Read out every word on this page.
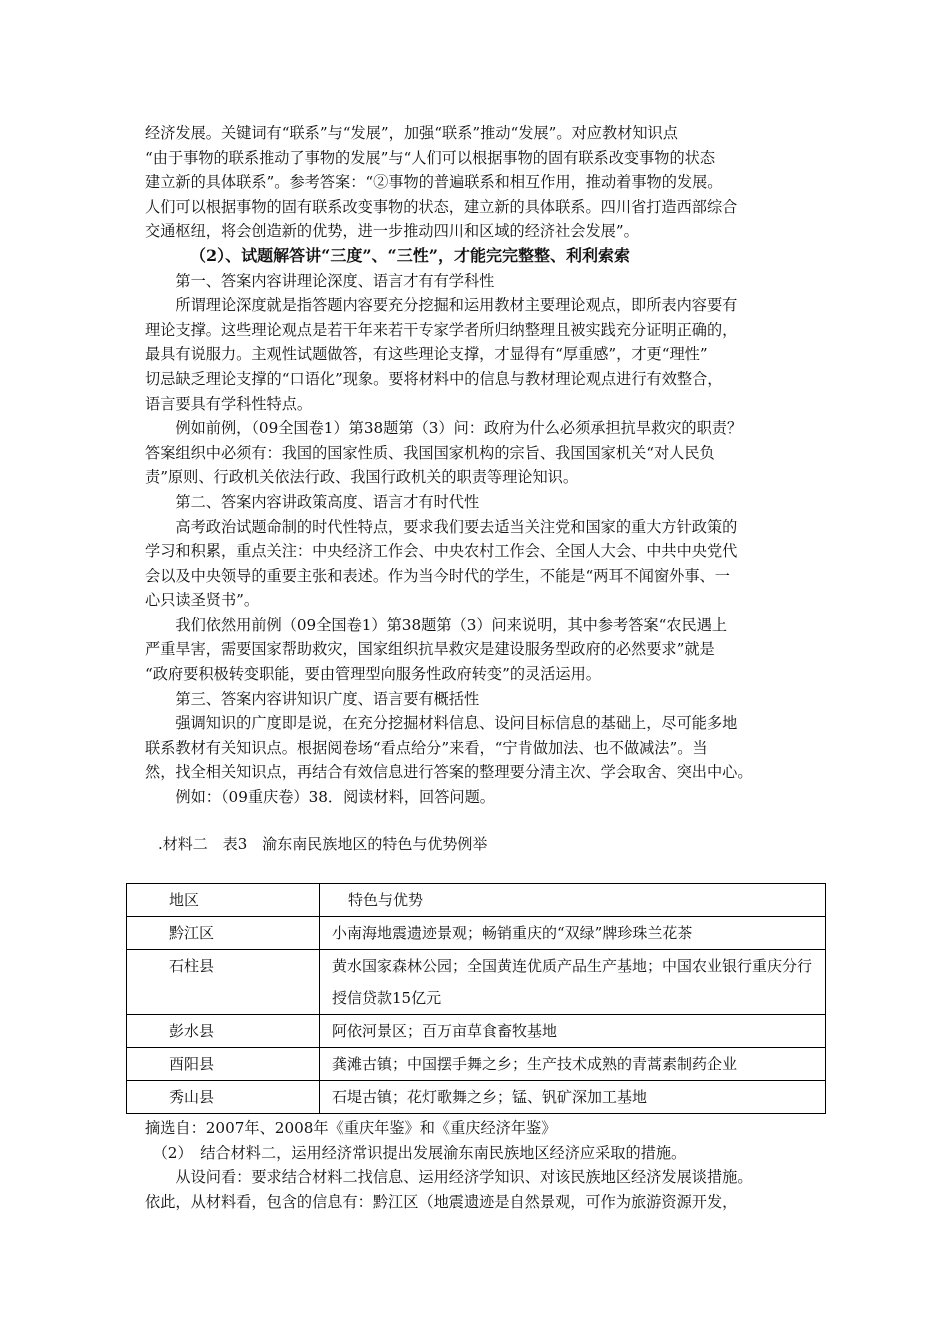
经济发展。关键词有“联系”与“发展”，加强“联系”推动“发展”。对应教材知识点

“由于事物的联系推动了事物的发展”与“人们可以根据事物的固有联系改变事物的状态

建立新的具体联系”。参考答案：“②事物的普遍联系和相互作用，推动着事物的发展。

人们可以根据事物的固有联系改变事物的状态，建立新的具体联系。四川省打造西部综合

交通枢纽，将会创造新的优势，进一步推动四川和区域的经济社会发展”。

（2）、试题解答讲“三度”、“三性”，才能完完整整、利利索索

　　第一、答案内容讲理论深度、语言才有有学科性

　　所谓理论深度就是指答题内容要充分挖掘和运用教材主要理论观点，即所表内容要有

理论支撑。这些理论观点是若干年来若干专家学者所归纳整理且被实践充分证明正确的，

最具有说服力。主观性试题做答，有这些理论支撑，才显得有“厚重感”，才更“理性”

切忌缺乏理论支撑的“口语化”现象。要将材料中的信息与教材理论观点进行有效整合，

语言要具有学科性特点。

　　例如前例，（09全国卷1）第38题第（3）问：政府为什么必须承担抗旱救灾的职责？

答案组织中必须有：我国的国家性质、我国国家机构的宗旨、我国国家机关“对人民负

责”原则、行政机关依法行政、我国行政机关的职责等理论知识。

　　第二、答案内容讲政策高度、语言才有时代性

　　高考政治试题命制的时代性特点，要求我们要去适当关注党和国家的重大方针政策的

学习和积累，重点关注：中央经济工作会、中央农村工作会、全国人大会、中共中央党代

会以及中央领导的重要主张和表述。作为当今时代的学生，不能是“两耳不闻窗外事、一

心只读圣贤书”。

　　我们依然用前例（09全国卷1）第38题第（3）问来说明，其中参考答案“农民遇上

严重旱害，需要国家帮助救灾，国家组织抗旱救灾是建设服务型政府的必然要求”就是

“政府要积极转变职能，要由管理型向服务性政府转变”的灵活运用。

　　第三、答案内容讲知识广度、语言要有概括性

　　强调知识的广度即是说，在充分挖掘材料信息、设问目标信息的基础上，尽可能多地

联系教材有关知识点。根据阅卷场“看点给分”来看，“宁肯做加法、也不做减法”。当

然，找全相关知识点，再结合有效信息进行答案的整理要分清主次、学会取舍、突出中心。

　　例如：（09重庆卷）38．阅读材料，回答问题。

.材料二　表3　渝东南民族地区的特色与优势例举
地区	特色与优势
黔江区	小南海地震遗迹景观；畅销重庆的“双绿”牌珍珠兰花茶
石柱县	黄水国家森林公园；全国黄连优质产品生产基地；中国农业银行重庆分行授信贷款15亿元
彭水县	阿依河景区；百万亩草食畜牧基地
酉阳县	龚滩古镇；中国摆手舞之乡；生产技术成熟的青蒿素制药企业
秀山县	石堤古镇；花灯歌舞之乡；锰、钒矿深加工基地

摘选自：2007年、2008年《重庆年鉴》和《重庆经济年鉴》

　（2）　结合材料二，运用经济常识提出发展渝东南民族地区经济应采取的措施。

　　从设问看：要求结合材料二找信息、运用经济学知识、对该民族地区经济发展谈措施。

依此，从材料看，包含的信息有：黔江区（地震遗迹是自然景观，可作为旅游资源开发，
